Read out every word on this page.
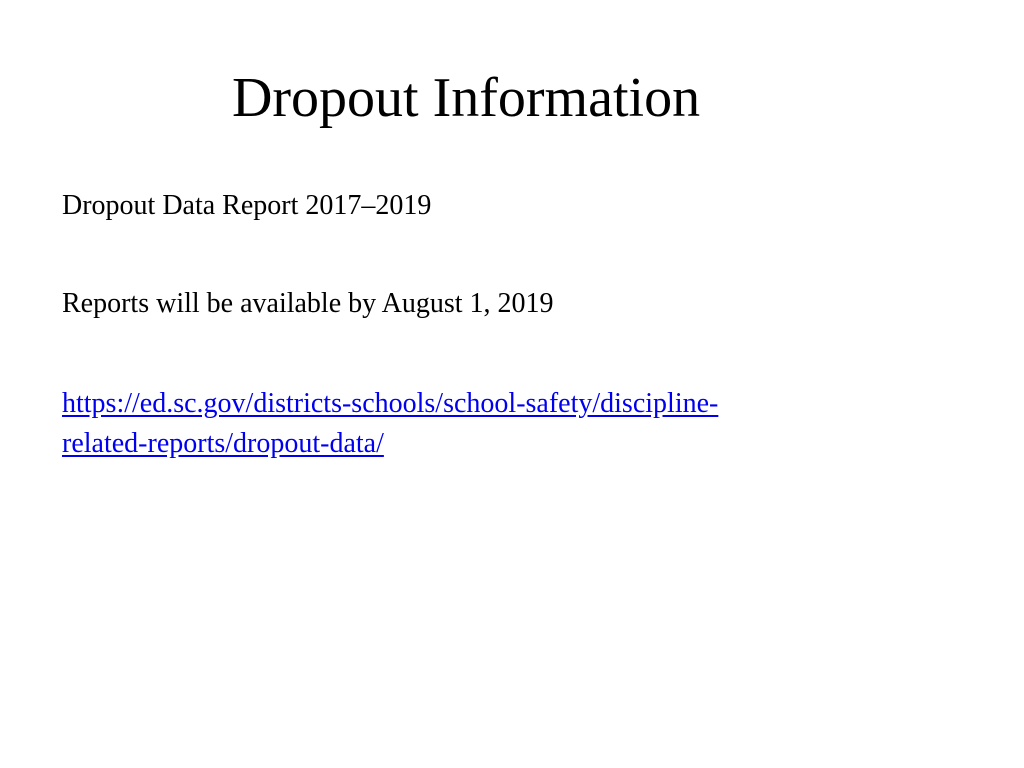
Dropout Information

Dropout Data Report 2017–2019

Reports will be available by August 1, 2019

https://ed.sc.gov/districts-schools/school-safety/discipline-
related-reports/dropout-data/
